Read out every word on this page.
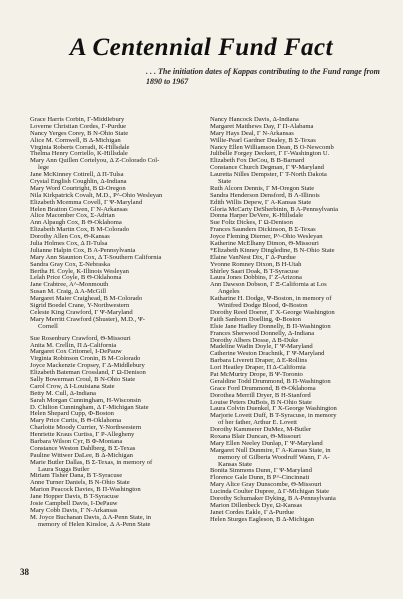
A Centennial Fund Fact
. . . The initiation dates of Kappas contributing to the Fund range from 1890 to 1967
Grace Harris Corbin, Γ-Middlebury
Loverne Christian Cordes, Γ-Purdue
Nancy Yerges Corey, B N-Ohio State
Alice M. Cornwell, B Δ-Michigan
Virginia Roberts Corradi, K-Hillsdale
Thelma Henry Corriello, K-Hillsdale
Mary Ann Quillen Cortelyou, Δ Z-Colorado Col-
lege
Jane McKinney Cottrell, Δ Π-Tulsa
Crystal English Coughlin, Δ-Indiana
Mary Word Courtright, B Ω-Oregon
Nila Kirkpatrick Covalt, M.D., P^-Ohio Wesleyan
Elizabeth Mcemma Covell, Γ Ψ-Maryland
Helen Bratton Cowen, Γ N-Arkansas
Alice Macomber Cox, Σ-Adrian
Ann Alpaugh Cox, B Θ-Oklahoma
Elizabeth Martin Cox, B M-Colorado
Dorothy Allen Cox, Θ-Kansas
Julia Holmes Cox, Δ Π-Tulsa
Julianne Halpin Cox, B A-Pennsylvania
Mary Ann Staunton Cox, Δ T-Southern California
Sandra Gray Cox, Σ-Nebraska
Bertha H. Coyle, K-Illinois Wesleyan
Lelah Price Coyle, B Θ-Oklahoma
Jane Crabtree, A^-Monmouth
Susan M. Craig, Δ A-McGill
Margaret Maier Craighead, B M-Colorado
Sigrid Boedel Crane, Υ-Northwestern
Celeste King Crawford, Γ Ψ-Maryland
Mary Merritt Crawford (Shuster), M.D., Ψ-
Cornell
Sue Rosenbury Crawford, Θ-Missouri
Anita M. Crellin, Π Δ-California
Margaret Cox Critomel, I-DePauw
Virginia Robinson Cronin, B M-Colorado
Joyce Mackenzie Cropsey, Γ Δ-Middlebury
Elizabeth Bateman Crossland, Γ Ω-Denison
Sally Bowerman Croul, B N-Ohio State
Carol Crow, Δ I-Louisiana State
Betty M. Cull, Δ-Indiana
Sarah Morgan Cunningham, H-Wisconsin
D. Chilton Cunningham, Δ Γ-Michigan State
Helen Shepard Cupp, Φ-Boston
Mary Price Curtis, B Θ-Oklahoma
Charlotte Moody Currier, Υ-Northwestern
Henriette Kraus Curtiss, Γ P-Allegheny
Barbara Wilson Cyr, B Φ-Montana
Constance Weston Dahlberg, B Σ-Texas
Pauline Wittwer DaLee, B Δ-Michigan
Marie Butler Dallas, B Σ-Texas, in memory of
Laura Suggs Butler
Miriam Tisher Dana, B T-Syracuse
Anne Turner Daniels, B N-Ohio State
Marion Peacock Davies, B Π-Washington
Jane Hopper Davis, B T-Syracuse
Josie Campbell Davis, I-DePauw
Mary Cobb Davis, Γ N-Arkansas
M. Joyce Buchanan Davis, Δ Λ-Penn State, in
memory of Helen Kinsloe, Δ A-Penn State
Nancy Hancock Davis, Δ-Indiana
Margaret Matthews Day, Γ Π-Alabama
Mary Hays Deal, Γ N-Arkansas
Willie-Pearl Gardner Dealey, B Σ-Texas
Nancy Ellen Williamson Dean, B O-Newcomb
Julibelle Forgey Deckert, Γ Γ-Washington U.
Elizabeth Fox DeCou, B B-Barnard
Constance Church Degman, Γ Ψ-Maryland
Lauretta Nilles Dempster, Γ T-North Dakota
State
Ruth Alcorn Dennis, Γ M-Oregon State
Sandra Henderson Densford, B Λ-Illinois
Edith Willis Depew, Γ A-Kansas State
Gloria McCarty DeSherbinin, B A-Pennsylvania
Donna Harper DeVere, K-Hillsdale
Sue Foltz Dickes, Γ Ω-Denison
Frances Saunders Dickinson, B Σ-Texas
Joyce Fleming Dierner, P^-Ohio Wesleyan
Katherine McElhany Dimon, Θ-Missouri
*Elizabeth Kinney Dingledine, B N-Ohio State
Elaine VanNest Dix, Γ Δ-Purdue
Yvonne Romney Dixon, B H-Utah
Shirley Saari Doak, B T-Syracuse
Laura Jones Dobbins, Γ Z-Arizona
Ann Dawson Dobson, Γ Ξ-California at Los
Angeles
Katharine H. Dodge, Ψ-Boston, in memory of
Winifred Dodge Blood, Φ-Boston
Dorothy Reed Doerer, Γ X-George Washington
Faith Sanborn Doelling, Φ-Boston
Elsie Jane Hadley Donnelly, B Π-Washington
Frances Sherwood Donnelly, Δ-Indiana
Dorothy Albers Dosse, Δ B-Duke
Madeline Wadin Doyle, Γ Ψ-Maryland
Catherine Weston Drachnik, Γ Ψ-Maryland
Barbara Liverett Draper, Δ E-Rollins
Lori Heatley Draper, Π Δ-California
Pat McMurtry Drope, B Ψ-Toronto
Geraldine Todd Drummond, B Π-Washington
Grace Ford Drummond, B Θ-Oklahoma
Dorothea Merrill Dryer, B H-Stanford
Louise Peters DuBois, B N-Ohio State
Laura Colvin Duenkel, Γ X-George Washington
Marjorie Lovett Duff, B T-Syracuse, in memory
of her father, Arthur E. Lovett
Dorothy Kammerer DuMez, M-Butler
Roxana Blair Duncan, Θ-Missouri
Mary Ellen Neeley Dunlap, Γ Ψ-Maryland
Margaret Null Dunmire, Γ A-Kansas State, in
memory of Gilberta Woodruff Wann, Γ A-
Kansas State
Bonita Simmons Dunn, Γ Ψ-Maryland
Florence Gale Dunn, B P^-Cincinnati
Mary Alice Gray Dunscombe, Θ-Missouri
Lucinda Coulter Dupree, Δ Γ-Michigan State
Dorothy Schumaker Dyking, B A-Pennsylvania
Marion Dillenbeck Dye, Ω-Kansas
Janet Cordes Eakle, Γ Δ-Purdue
Helen Sturges Eagleson, B Δ-Michigan
38
